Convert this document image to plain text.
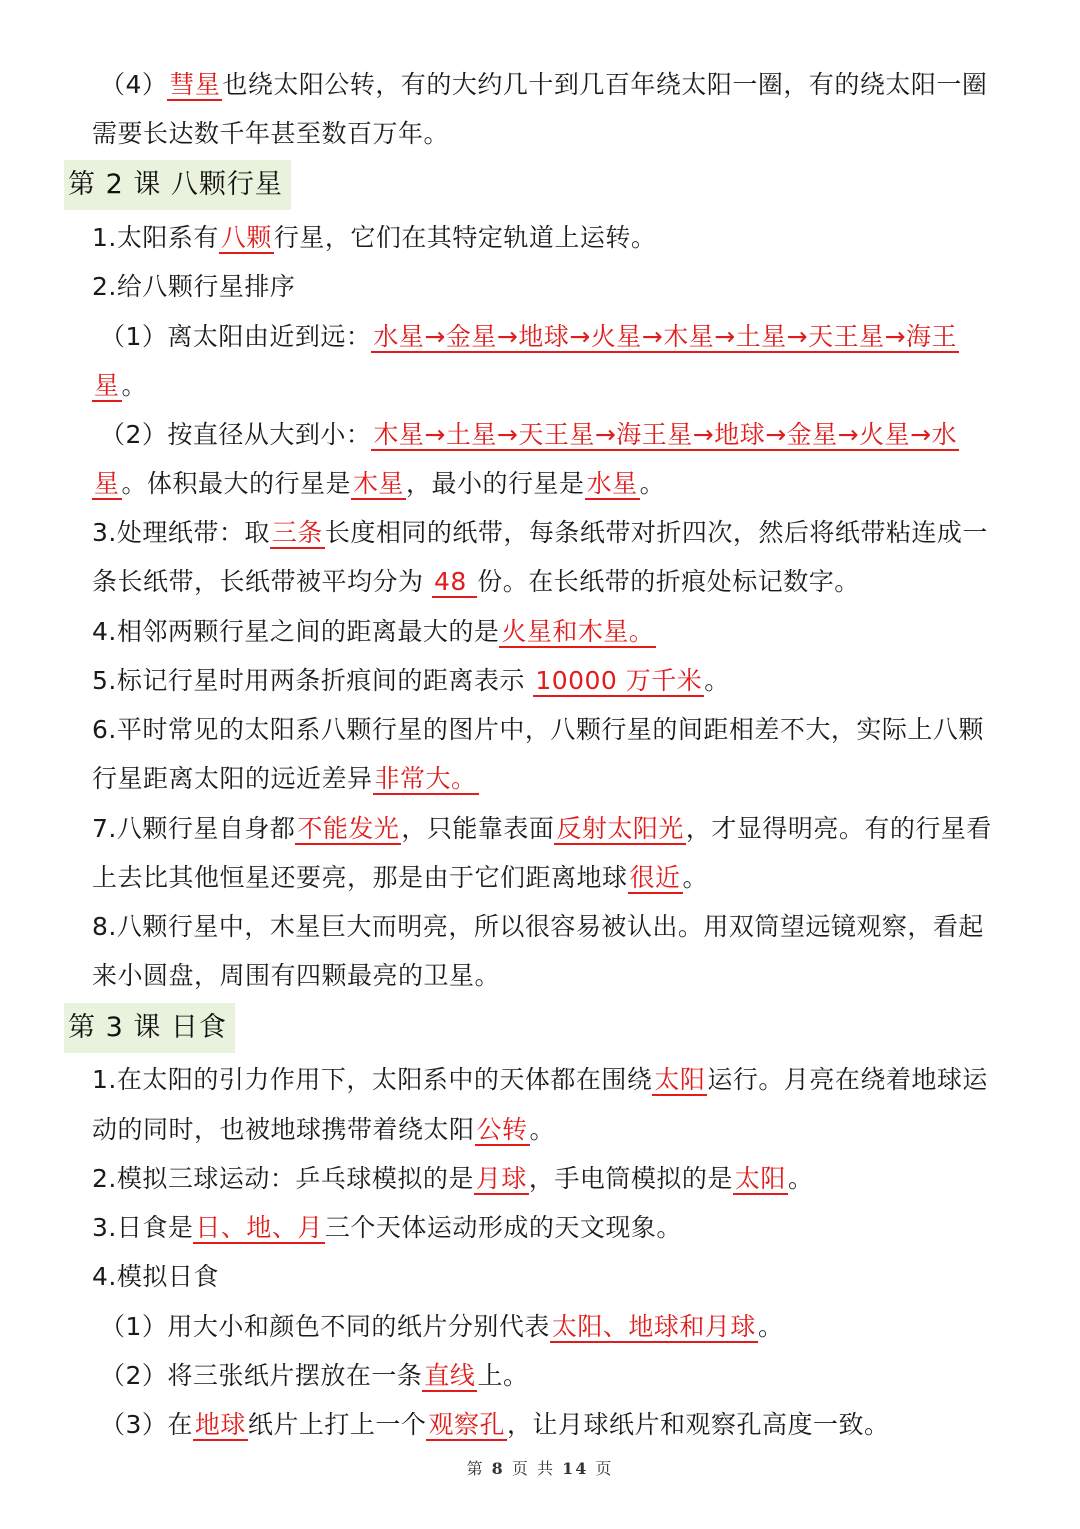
（4）彗星也绕太阳公转，有的大约几十到几百年绕太阳一圈，有的绕太阳一圈
需要长达数千年甚至数百万年。
第 2 课 八颗行星
1.太阳系有八颗行星，它们在其特定轨道上运转。
2.给八颗行星排序
（1）离太阳由近到远：水星→金星→地球→火星→木星→土星→天王星→海王
星。
（2）按直径从大到小：木星→土星→天王星→海王星→地球→金星→火星→水
星。体积最大的行星是木星，最小的行星是水星。
3.处理纸带：取三条长度相同的纸带，每条纸带对折四次，然后将纸带粘连成一
条长纸带，长纸带被平均分为 48 份。在长纸带的折痕处标记数字。
4.相邻两颗行星之间的距离最大的是火星和木星。
5.标记行星时用两条折痕间的距离表示 10000 万千米。
6.平时常见的太阳系八颗行星的图片中，八颗行星的间距相差不大，实际上八颗
行星距离太阳的远近差异非常大。
7.八颗行星自身都不能发光，只能靠表面反射太阳光，才显得明亮。有的行星看
上去比其他恒星还要亮，那是由于它们距离地球很近。
8.八颗行星中，木星巨大而明亮，所以很容易被认出。用双筒望远镜观察，看起
来小圆盘，周围有四颗最亮的卫星。
第 3 课 日食
1.在太阳的引力作用下，太阳系中的天体都在围绕太阳运行。月亮在绕着地球运
动的同时，也被地球携带着绕太阳公转。
2.模拟三球运动：乒乓球模拟的是月球，手电筒模拟的是太阳。
3.日食是日、地、月三个天体运动形成的天文现象。
4.模拟日食
（1）用大小和颜色不同的纸片分别代表太阳、地球和月球。
（2）将三张纸片摆放在一条直线上。
（3）在地球纸片上打上一个观察孔，让月球纸片和观察孔高度一致。
第 8 页 共 14 页
